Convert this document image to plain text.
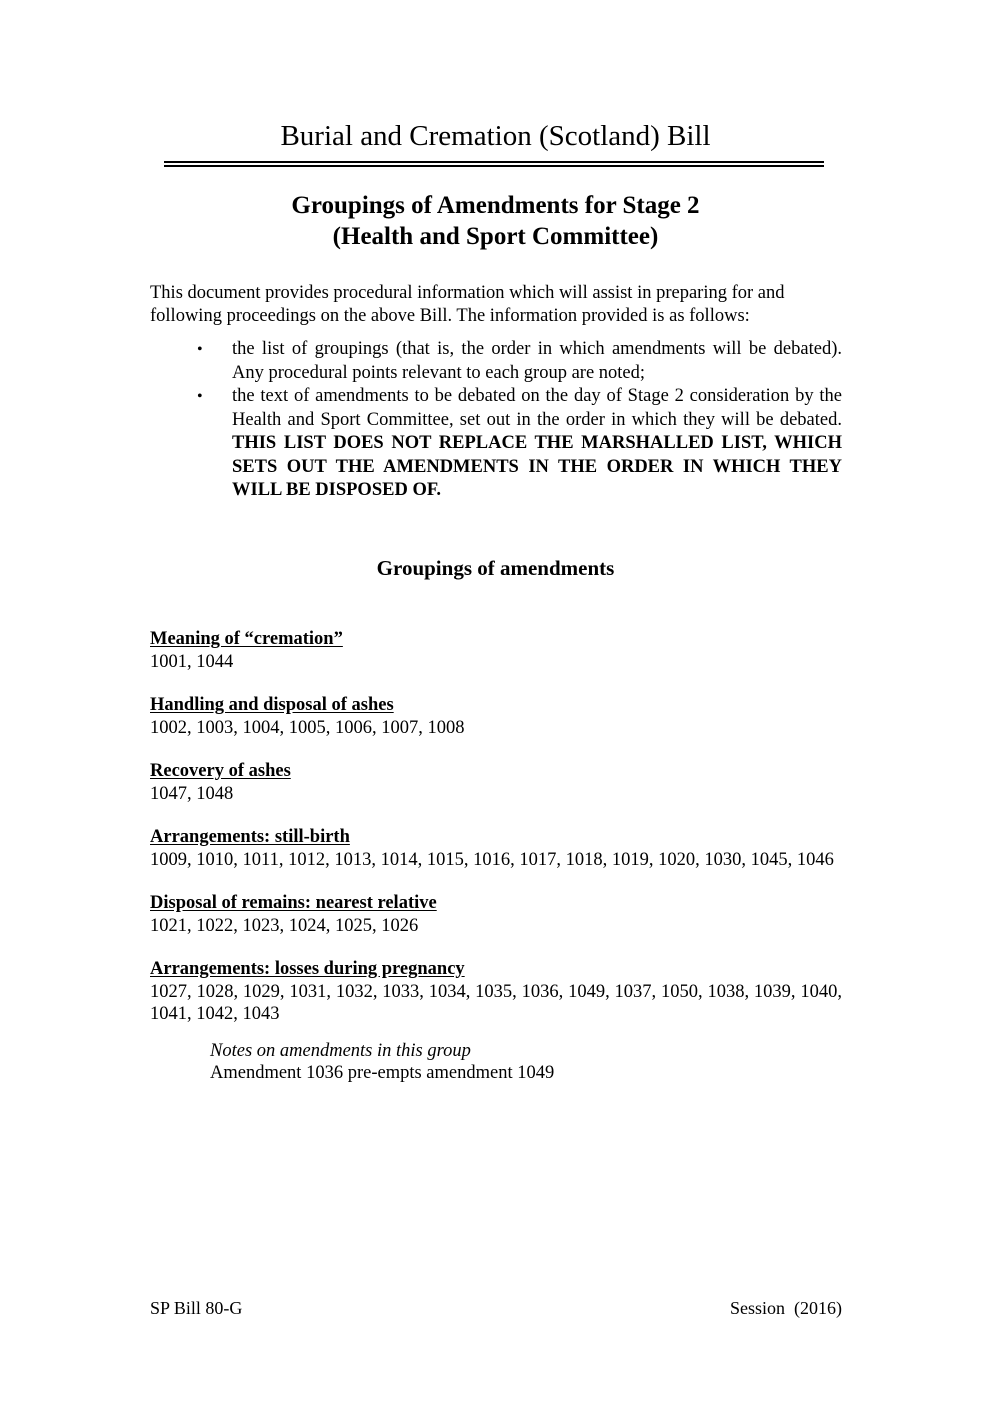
Burial and Cremation (Scotland) Bill
Groupings of Amendments for Stage 2
(Health and Sport Committee)

This document provides procedural information which will assist in preparing for and following proceedings on the above Bill. The information provided is as follows:

• the list of groupings (that is, the order in which amendments will be debated). Any procedural points relevant to each group are noted;
• the text of amendments to be debated on the day of Stage 2 consideration by the Health and Sport Committee, set out in the order in which they will be debated. THIS LIST DOES NOT REPLACE THE MARSHALLED LIST, WHICH SETS OUT THE AMENDMENTS IN THE ORDER IN WHICH THEY WILL BE DISPOSED OF.
Groupings of amendments
Meaning of “cremation”
1001, 1044
Handling and disposal of ashes
1002, 1003, 1004, 1005, 1006, 1007, 1008
Recovery of ashes
1047, 1048
Arrangements: still-birth
1009, 1010, 1011, 1012, 1013, 1014, 1015, 1016, 1017, 1018, 1019, 1020, 1030, 1045, 1046
Disposal of remains: nearest relative
1021, 1022, 1023, 1024, 1025, 1026
Arrangements: losses during pregnancy
1027, 1028, 1029, 1031, 1032, 1033, 1034, 1035, 1036, 1049, 1037, 1050, 1038, 1039, 1040, 1041, 1042, 1043
Notes on amendments in this group
Amendment 1036 pre-empts amendment 1049
SP Bill 80-G	Session  (2016)
